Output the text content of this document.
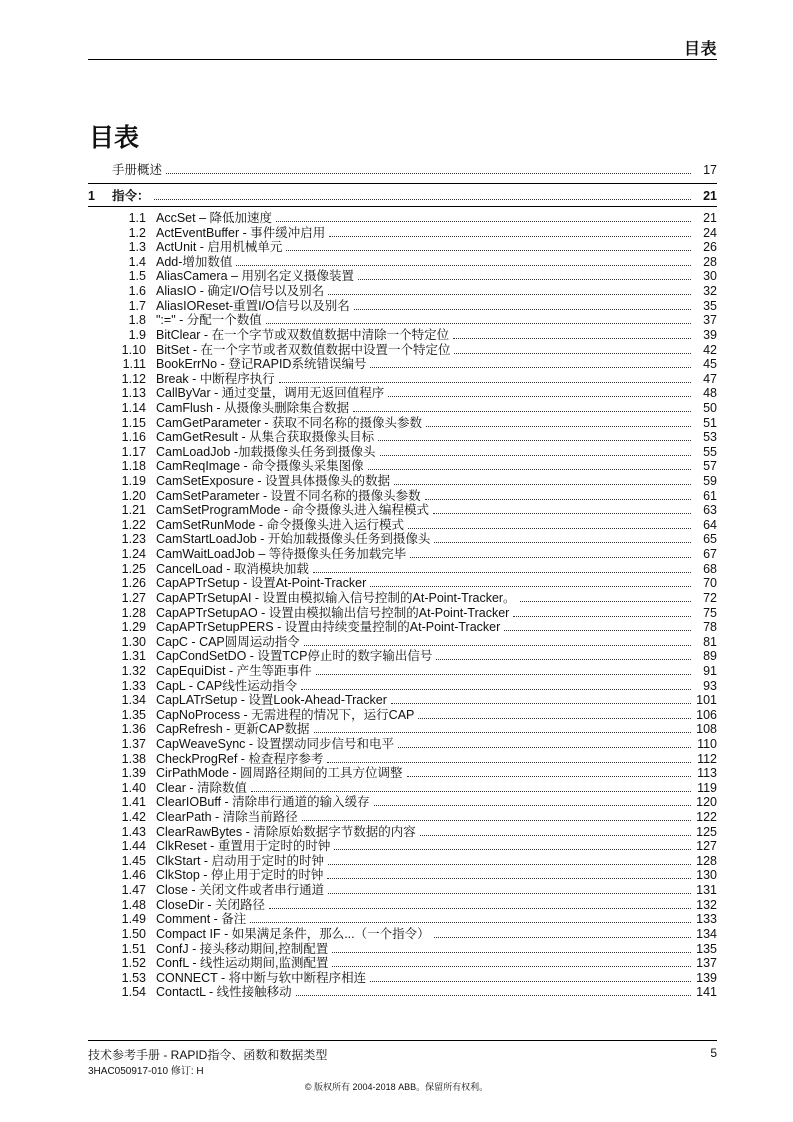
目表
目表
手册概述	17
1	指令：	21
1.1 AccSet – 降低加速度	21
1.2 ActEventBuffer - 事件缓冲启用	24
1.3 ActUnit - 启用机械单元	26
1.4 Add-增加数值	28
1.5 AliasCamera – 用别名定义摄像装置	30
1.6 AliasIO - 确定I/O信号以及别名	32
1.7 AliasIOReset-重置I/O信号以及别名	35
1.8 ":=" - 分配一个数值	37
1.9 BitClear - 在一个字节或双数值数据中清除一个特定位	39
1.10 BitSet - 在一个字节或者双数值数据中设置一个特定位	42
1.11 BookErrNo - 登记RAPID系统错误编号	45
1.12 Break - 中断程序执行	47
1.13 CallByVar - 通过变量，调用无返回值程序	48
1.14 CamFlush - 从摄像头删除集合数据	50
1.15 CamGetParameter - 获取不同名称的摄像头参数	51
1.16 CamGetResult - 从集合获取摄像头目标	53
1.17 CamLoadJob -加载摄像头任务到摄像头	55
1.18 CamReqImage - 命令摄像头采集图像	57
1.19 CamSetExposure - 设置具体摄像头的数据	59
1.20 CamSetParameter - 设置不同名称的摄像头参数	61
1.21 CamSetProgramMode - 命令摄像头进入编程模式	63
1.22 CamSetRunMode - 命令摄像头进入运行模式	64
1.23 CamStartLoadJob - 开始加载摄像头任务到摄像头	65
1.24 CamWaitLoadJob – 等待摄像头任务加载完毕	67
1.25 CancelLoad - 取消模块加载	68
1.26 CapAPTrSetup - 设置At-Point-Tracker	70
1.27 CapAPTrSetupAI - 设置由模拟输入信号控制的At-Point-Tracker。	72
1.28 CapAPTrSetupAO - 设置由模拟输出信号控制的At-Point-Tracker	75
1.29 CapAPTrSetupPERS - 设置由持续变量控制的At-Point-Tracker	78
1.30 CapC - CAP圆周运动指令	81
1.31 CapCondSetDO - 设置TCP停止时的数字输出信号	89
1.32 CapEquiDist - 产生等距事件	91
1.33 CapL - CAP线性运动指令	93
1.34 CapLATrSetup - 设置Look-Ahead-Tracker	101
1.35 CapNoProcess - 无需进程的情况下，运行CAP	106
1.36 CapRefresh - 更新CAP数据	108
1.37 CapWeaveSync - 设置摆动同步信号和电平	110
1.38 CheckProgRef - 检查程序参考	112
1.39 CirPathMode - 圆周路径期间的工具方位调整	113
1.40 Clear - 清除数值	119
1.41 ClearIOBuff - 清除串行通道的输入缓存	120
1.42 ClearPath - 清除当前路径	122
1.43 ClearRawBytes - 清除原始数据字节数据的内容	125
1.44 ClkReset - 重置用于定时的时钟	127
1.45 ClkStart - 启动用于定时的时钟	128
1.46 ClkStop - 停止用于定时的时钟	130
1.47 Close - 关闭文件或者串行通道	131
1.48 CloseDir - 关闭路径	132
1.49 Comment - 备注	133
1.50 Compact IF - 如果满足条件，那么...（一个指令）	134
1.51 ConfJ - 接头移动期间,控制配置	135
1.52 ConfL - 线性运动期间,监测配置	137
1.53 CONNECT - 将中断与软中断程序相连	139
1.54 ContactL - 线性接触移动	141
技术参考手册 - RAPID指令、函数和数据类型	5
3HAC050917-010 修订: H
© 版权所有 2004-2018 ABB。保留所有权利。
